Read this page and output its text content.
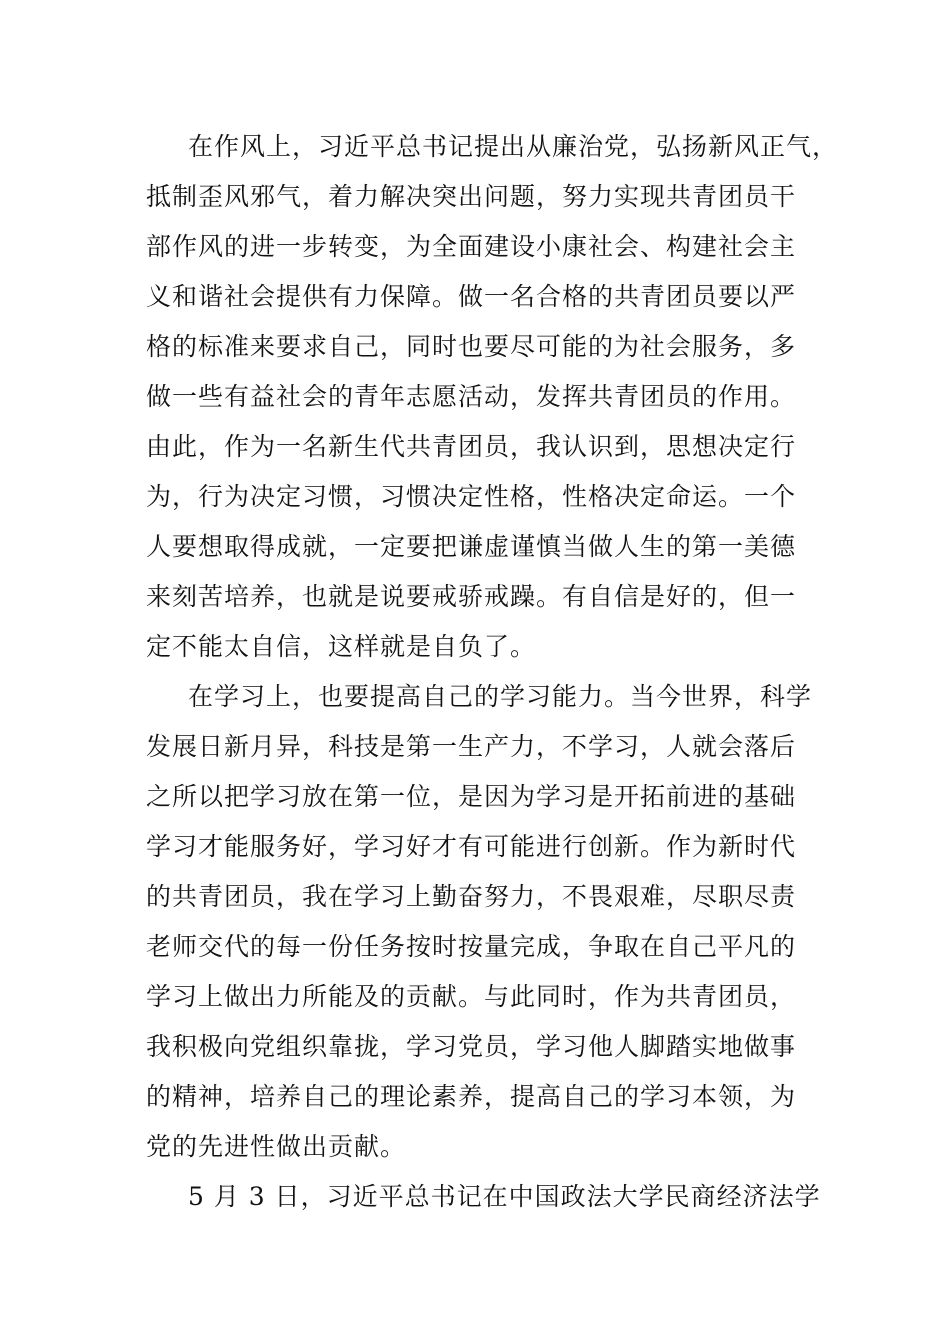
在作风上，习近平总书记提出从廉治党，弘扬新风正气，
抵制歪风邪气，着力解决突出问题，努力实现共青团员干
部作风的进一步转变，为全面建设小康社会、构建社会主
义和谐社会提供有力保障。做一名合格的共青团员要以严
格的标准来要求自己，同时也要尽可能的为社会服务，多
做一些有益社会的青年志愿活动，发挥共青团员的作用。
由此，作为一名新生代共青团员，我认识到，思想决定行
为，行为决定习惯，习惯决定性格，性格决定命运。一个
人要想取得成就，一定要把谦虚谨慎当做人生的第一美德
来刻苦培养，也就是说要戒骄戒躁。有自信是好的，但一
定不能太自信，这样就是自负了。
在学习上，也要提高自己的学习能力。当今世界，科学
发展日新月异，科技是第一生产力，不学习，人就会落后
之所以把学习放在第一位，是因为学习是开拓前进的基础
学习才能服务好，学习好才有可能进行创新。作为新时代
的共青团员，我在学习上勤奋努力，不畏艰难，尽职尽责
老师交代的每一份任务按时按量完成，争取在自己平凡的
学习上做出力所能及的贡献。与此同时，作为共青团员，
我积极向党组织靠拢，学习党员，学习他人脚踏实地做事
的精神，培养自己的理论素养，提高自己的学习本领，为
党的先进性做出贡献。
5 月 3 日，习近平总书记在中国政法大学民商经济法学
